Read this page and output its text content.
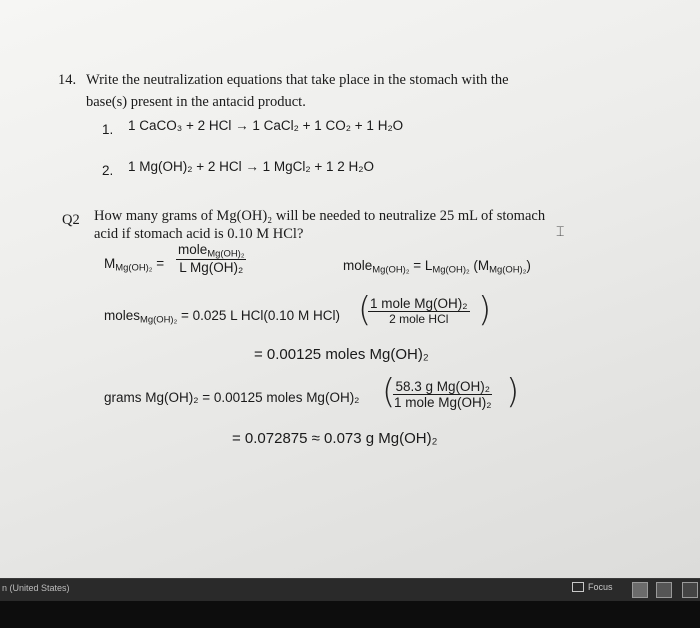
14. Write the neutralization equations that take place in the stomach with the
base(s) present in the antacid product.
1. 1 CaCO₃ + 2 HCl → 1 CaCl₂ + 1 CO₂ + 1 H₂O
2. 1 Mg(OH)₂ + 2 HCl → 1 MgCl₂ + 1 2 H₂O
Q2 How many grams of Mg(OH)₂ will be needed to neutralize 25 mL of stomach
acid if stomach acid is 0.10 M HCl?	⌶
$M_{Mg(OH)_2}$ =
mole$_{Mg(OH)_2}$
L Mg(OH)₂	mole$_{Mg(OH)_2}$ = $L_{Mg(OH)_2}$ $(M_{Mg(OH)_2})$
moles$_{Mg(OH)_2}$ = 0.025 L HCl(0.10 M HCl) (
1 mole Mg(OH)₂
2 mole HCl )
= 0.00125 moles Mg(OH)₂
grams Mg(OH)₂ = 0.00125 moles Mg(OH)₂ ( 58.3 g Mg(OH)₂
1 mole Mg(OH)₂ )
= 0.072875 ≈ 0.073 g Mg(OH)₂
n (United States)	Focus
